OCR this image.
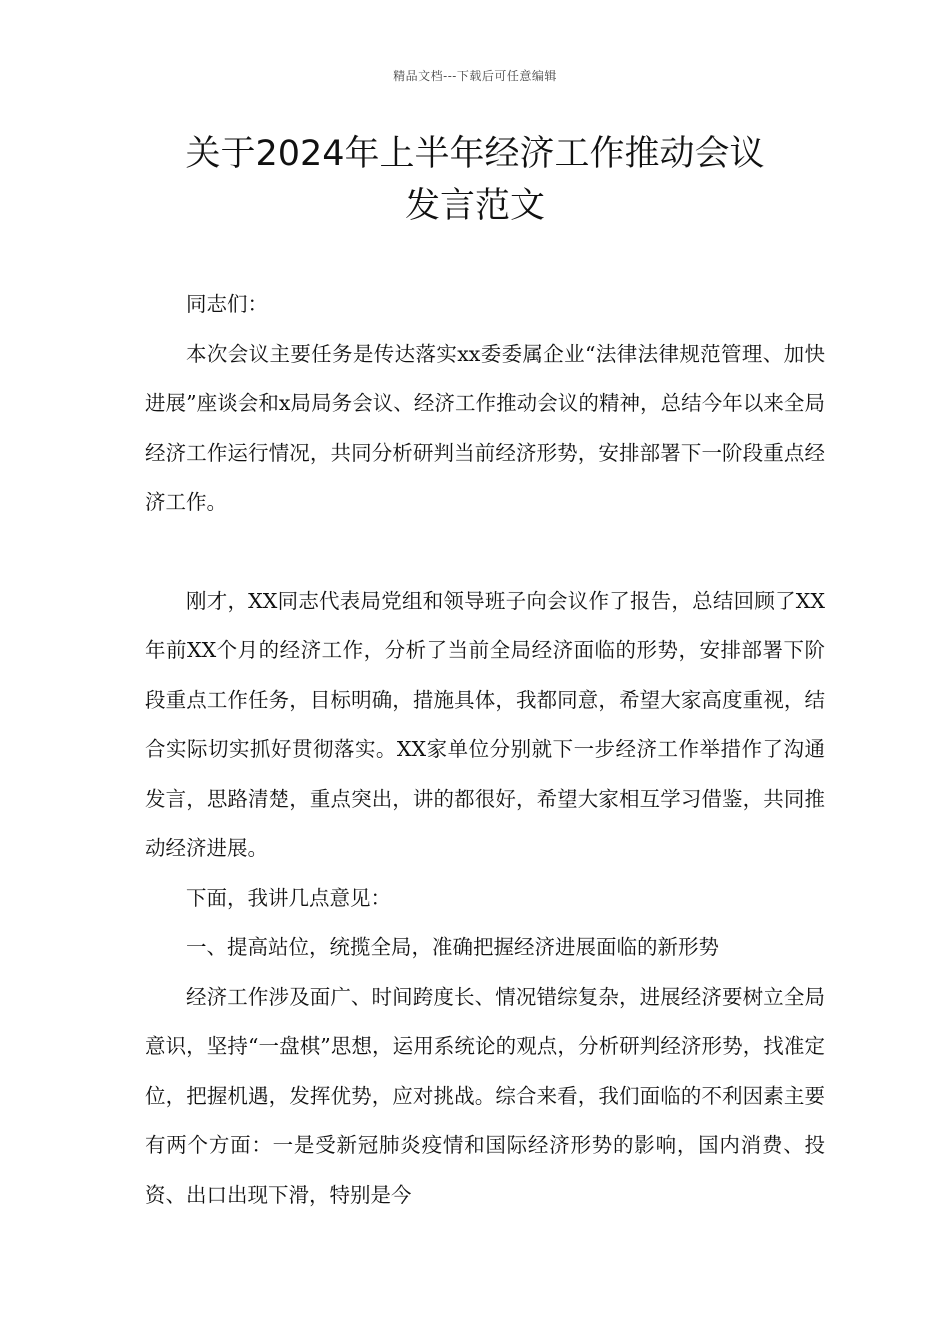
精品文档---下载后可任意编辑
关于2024年上半年经济工作推动会议
发言范文

同志们：

本次会议主要任务是传达落实xx委委属企业“法律法律规范管理、加快进展”座谈会和x局局务会议、经济工作推动会议的精神，总结今年以来全局经济工作运行情况，共同分析研判当前经济形势，安排部署下一阶段重点经济工作。

刚才，XX同志代表局党组和领导班子向会议作了报告，总结回顾了XX年前XX个月的经济工作，分析了当前全局经济面临的形势，安排部署下阶段重点工作任务，目标明确，措施具体，我都同意，希望大家高度重视，结合实际切实抓好贯彻落实。XX家单位分别就下一步经济工作举措作了沟通发言，思路清楚，重点突出，讲的都很好，希望大家相互学习借鉴，共同推动经济进展。

下面，我讲几点意见：

一、提高站位，统揽全局，准确把握经济进展面临的新形势

经济工作涉及面广、时间跨度长、情况错综复杂，进展经济要树立全局意识，坚持“一盘棋”思想，运用系统论的观点，分析研判经济形势，找准定位，把握机遇，发挥优势，应对挑战。综合来看，我们面临的不利因素主要有两个方面：一是受新冠肺炎疫情和国际经济形势的影响，国内消费、投资、出口出现下滑，特别是今
